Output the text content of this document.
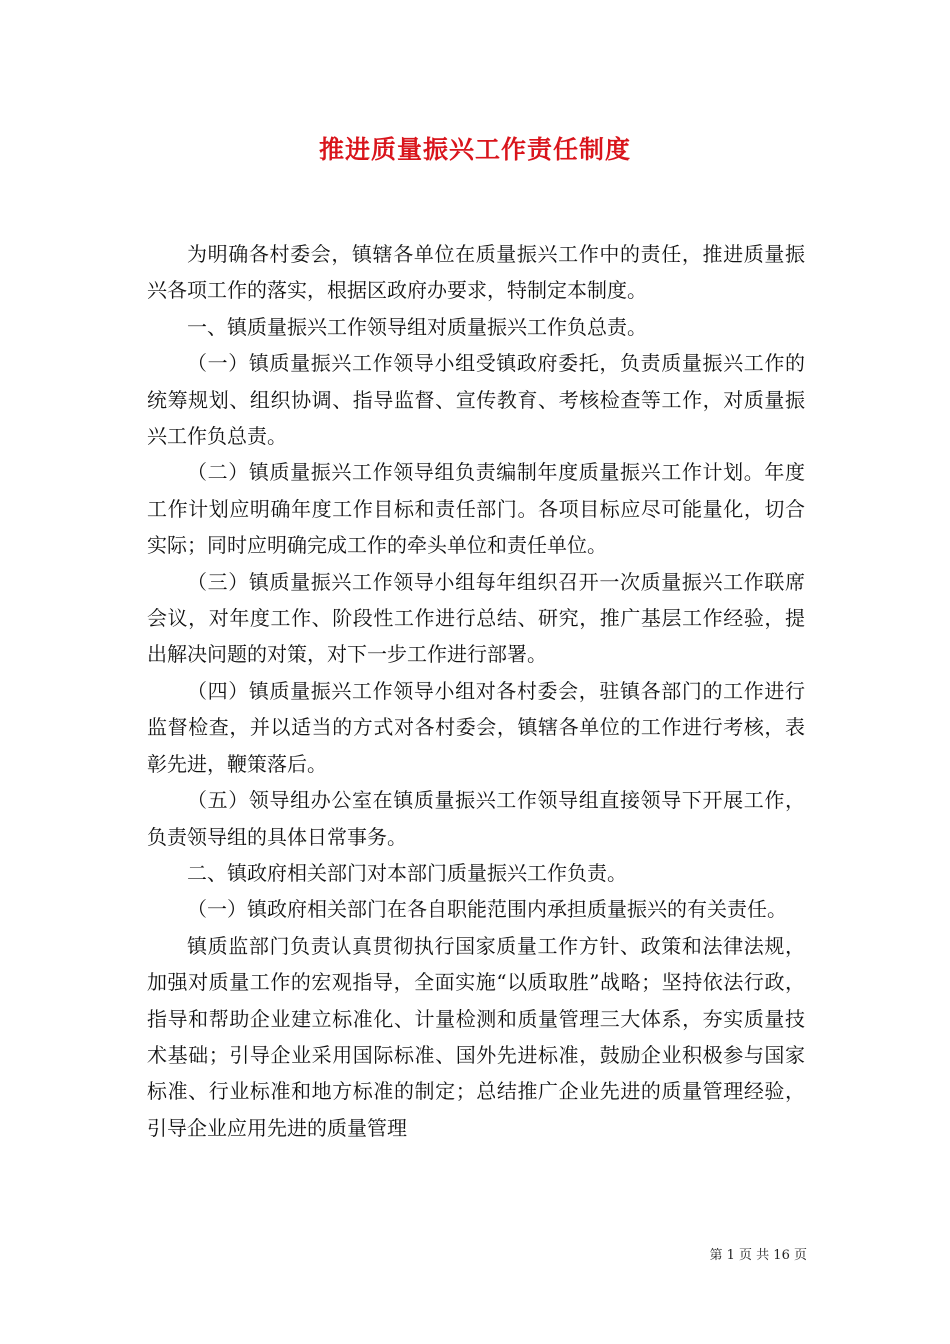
推进质量振兴工作责任制度

为明确各村委会，镇辖各单位在质量振兴工作中的责任，推进质量振兴各项工作的落实，根据区政府办要求，特制定本制度。

一、镇质量振兴工作领导组对质量振兴工作负总责。

（一）镇质量振兴工作领导小组受镇政府委托，负责质量振兴工作的统筹规划、组织协调、指导监督、宣传教育、考核检查等工作，对质量振兴工作负总责。

（二）镇质量振兴工作领导组负责编制年度质量振兴工作计划。年度工作计划应明确年度工作目标和责任部门。各项目标应尽可能量化，切合实际；同时应明确完成工作的牵头单位和责任单位。

（三）镇质量振兴工作领导小组每年组织召开一次质量振兴工作联席会议，对年度工作、阶段性工作进行总结、研究，推广基层工作经验，提出解决问题的对策，对下一步工作进行部署。

（四）镇质量振兴工作领导小组对各村委会，驻镇各部门的工作进行监督检查，并以适当的方式对各村委会，镇辖各单位的工作进行考核，表彰先进，鞭策落后。

（五）领导组办公室在镇质量振兴工作领导组直接领导下开展工作，负责领导组的具体日常事务。

二、镇政府相关部门对本部门质量振兴工作负责。

（一）镇政府相关部门在各自职能范围内承担质量振兴的有关责任。

镇质监部门负责认真贯彻执行国家质量工作方针、政策和法律法规，加强对质量工作的宏观指导，全面实施“以质取胜”战略；坚持依法行政，指导和帮助企业建立标准化、计量检测和质量管理三大体系，夯实质量技术基础；引导企业采用国际标准、国外先进标准，鼓励企业积极参与国家标准、行业标准和地方标准的制定；总结推广企业先进的质量管理经验，引导企业应用先进的质量管理

第 1 页 共 16 页
